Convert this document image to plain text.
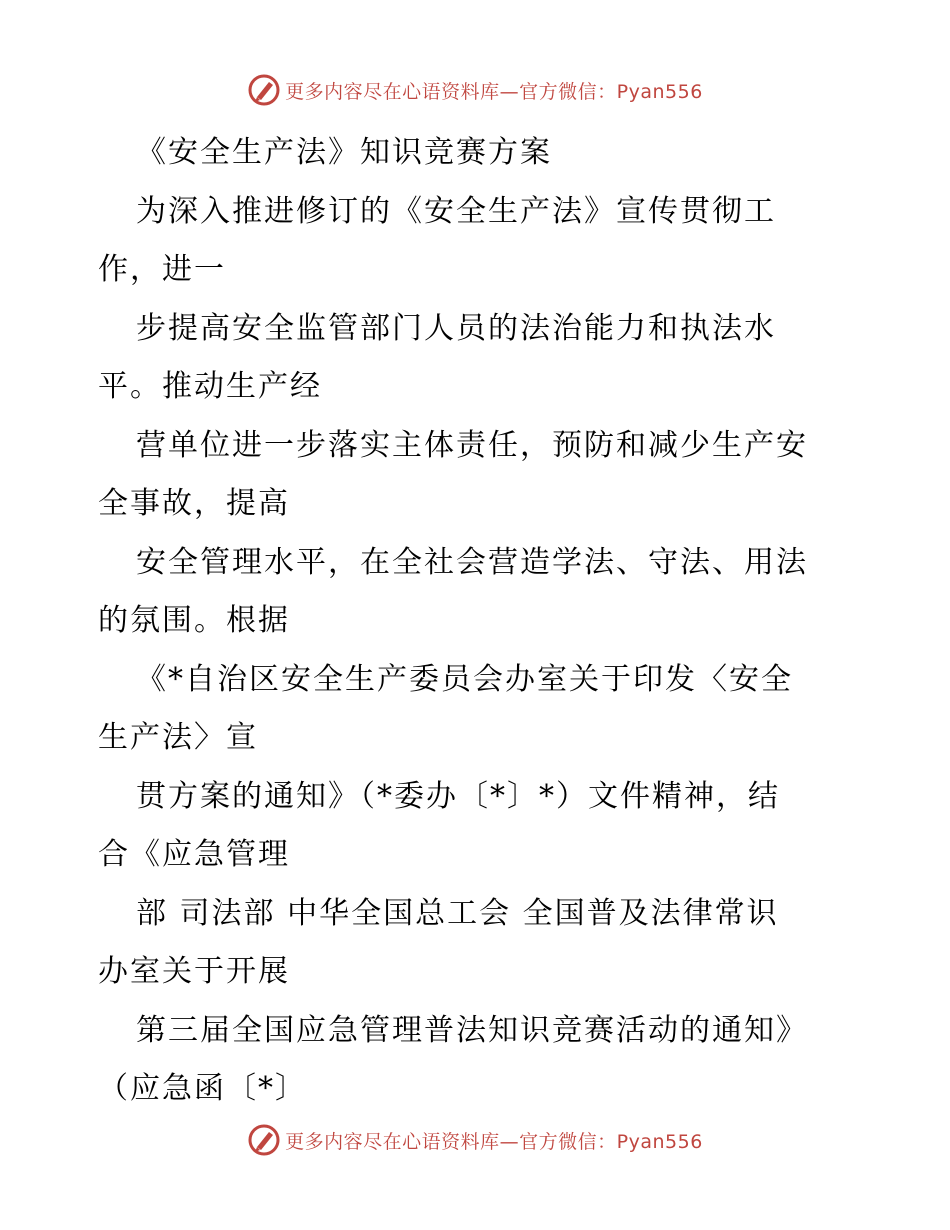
更多内容尽在心语资料库—官方微信：Pyan556
《安全生产法》知识竞赛方案
为深入推进修订的《安全生产法》宣传贯彻工
作，进一
步提高安全监管部门人员的法治能力和执法水
平。推动生产经
营单位进一步落实主体责任，预防和减少生产安
全事故，提高
安全管理水平，在全社会营造学法、守法、用法
的氛围。根据
《*自治区安全生产委员会办室关于印发〈安全
生产法〉宣
贯方案的通知》（*委办〔*〕*）文件精神，结
合《应急管理
部 司法部 中华全国总工会 全国普及法律常识
办室关于开展
第三届全国应急管理普法知识竞赛活动的通知》
（应急函〔*〕
更多内容尽在心语资料库—官方微信：Pyan556
